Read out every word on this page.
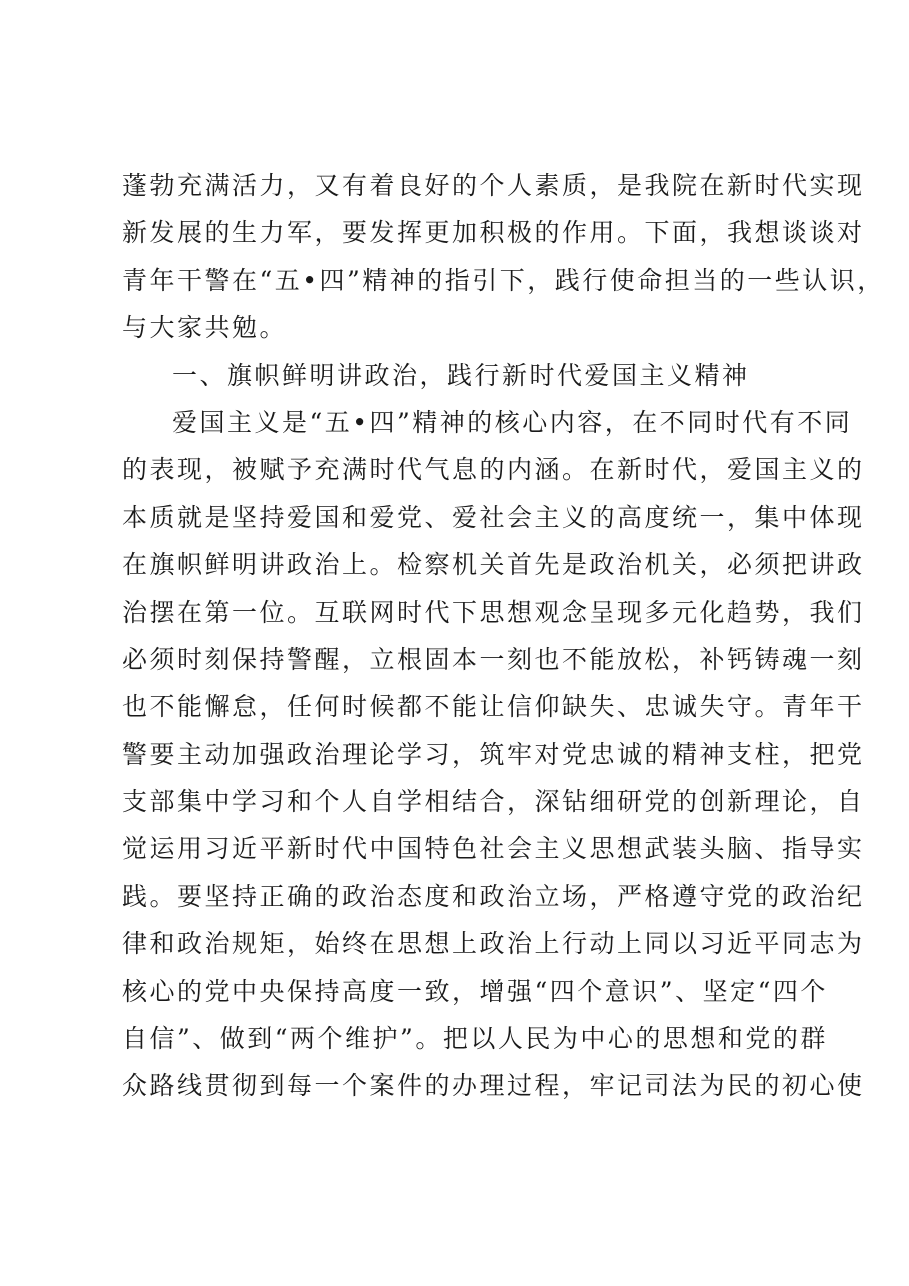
蓬勃充满活力，又有着良好的个人素质，是我院在新时代实现
新发展的生力军，要发挥更加积极的作用。下面，我想谈谈对
青年干警在“五•四”精神的指引下，践行使命担当的一些认识，
与大家共勉。
一、旗帜鲜明讲政治，践行新时代爱国主义精神
爱国主义是“五•四”精神的核心内容，在不同时代有不同
的表现，被赋予充满时代气息的内涵。在新时代，爱国主义的
本质就是坚持爱国和爱党、爱社会主义的高度统一，集中体现
在旗帜鲜明讲政治上。检察机关首先是政治机关，必须把讲政
治摆在第一位。互联网时代下思想观念呈现多元化趋势，我们
必须时刻保持警醒，立根固本一刻也不能放松，补钙铸魂一刻
也不能懈怠，任何时候都不能让信仰缺失、忠诚失守。青年干
警要主动加强政治理论学习，筑牢对党忠诚的精神支柱，把党
支部集中学习和个人自学相结合，深钻细研党的创新理论，自
觉运用习近平新时代中国特色社会主义思想武装头脑、指导实
践。要坚持正确的政治态度和政治立场，严格遵守党的政治纪
律和政治规矩，始终在思想上政治上行动上同以习近平同志为
核心的党中央保持高度一致，增强“四个意识”、坚定“四个
自信”、做到“两个维护”。把以人民为中心的思想和党的群
众路线贯彻到每一个案件的办理过程，牢记司法为民的初心使
